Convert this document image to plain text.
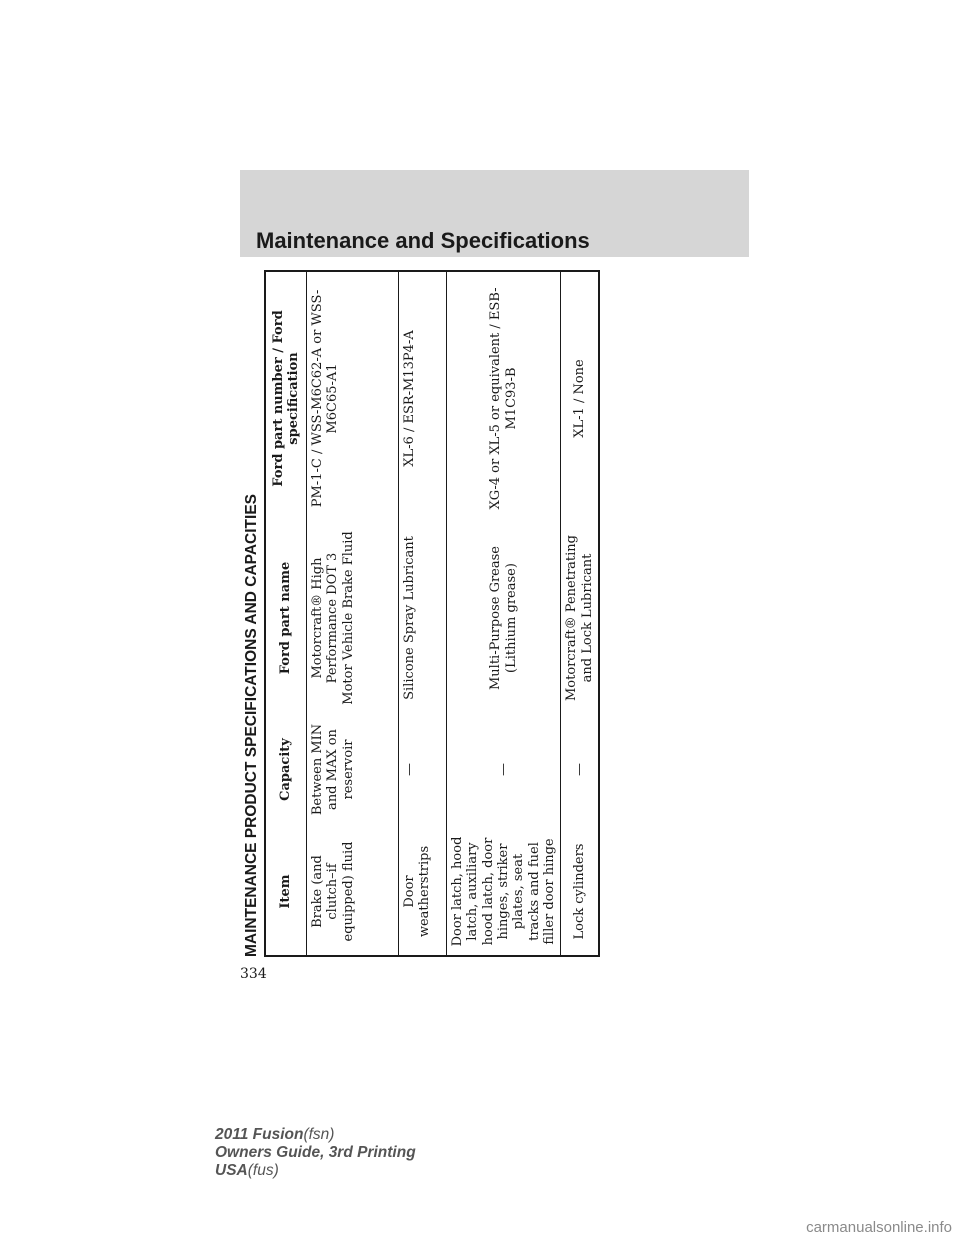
Maintenance and Specifications
MAINTENANCE PRODUCT SPECIFICATIONS AND CAPACITIES	Item	Capacity	Ford part name	Ford part number / Ford specification
Brake (and clutch–if equipped) fluid	Between MIN and MAX on reservoir	Motorcraft® High Performance DOT 3 Motor Vehicle Brake Fluid	PM-1-C / WSS-M6C62-A or WSS-M6C65-A1
Door weatherstrips	—	Silicone Spray Lubricant	XL-6 / ESR-M13P4-A
Door latch, hood latch, auxiliary hood latch, door hinges, striker plates, seat tracks and fuel filler door hinge	—	Multi-Purpose Grease (Lithium grease)	XG-4 or XL-5 or equivalent / ESB-M1C93-B
Lock cylinders	—	Motorcraft® Penetrating and Lock Lubricant	XL-1 / None
334
2011 Fusion(fsn)
Owners Guide, 3rd Printing
USA(fus)
carmanualsonline.info
